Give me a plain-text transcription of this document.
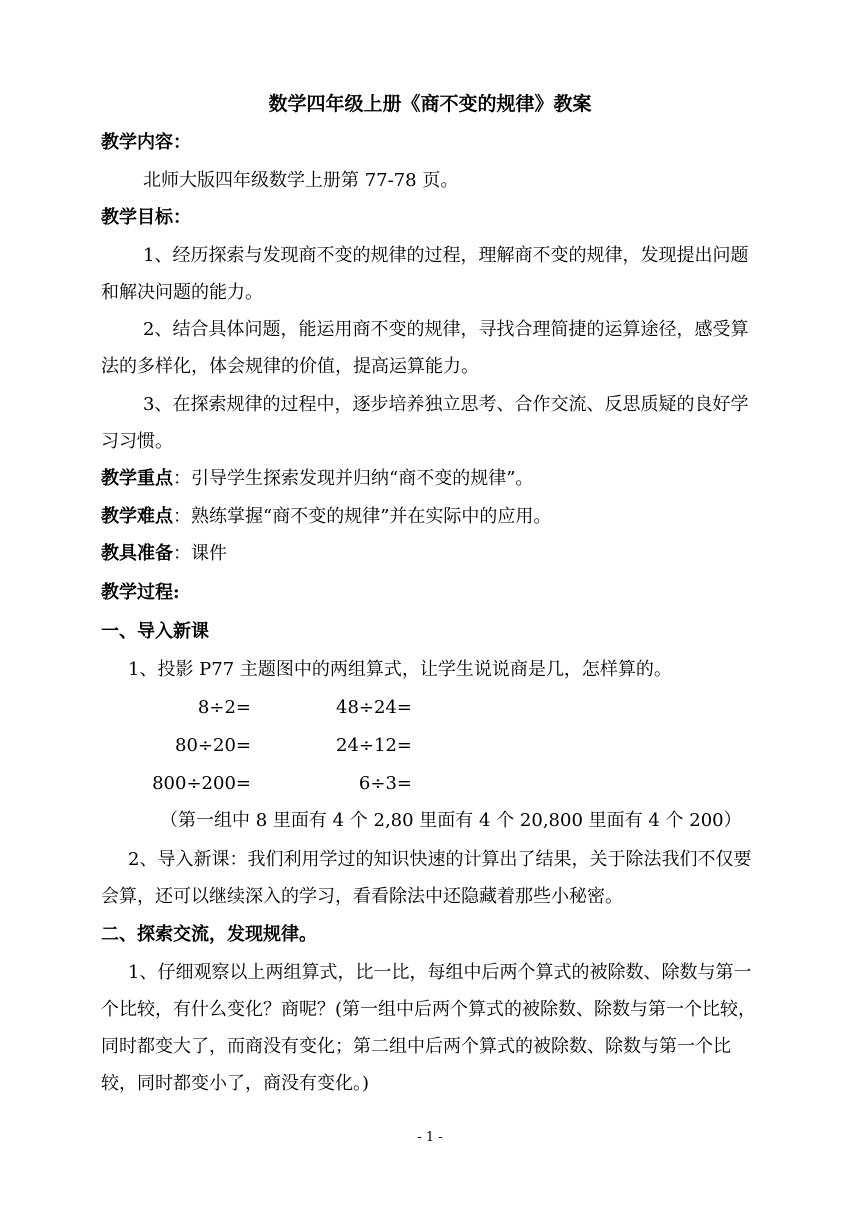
数学四年级上册《商不变的规律》教案
教学内容：
北师大版四年级数学上册第 77-78 页。
教学目标：
1、经历探索与发现商不变的规律的过程，理解商不变的规律，发现提出问题和解决问题的能力。
2、结合具体问题，能运用商不变的规律，寻找合理简捷的运算途径，感受算法的多样化，体会规律的价值，提高运算能力。
3、在探索规律的过程中，逐步培养独立思考、合作交流、反思质疑的良好学习习惯。
教学重点：引导学生探索发现并归纳“商不变的规律”。
教学难点：熟练掌握“商不变的规律”并在实际中的应用。
教具准备：课件
教学过程:
一、导入新课
1、投影 P77 主题图中的两组算式，让学生说说商是几，怎样算的。
8÷2=	48÷24=
80÷20=	24÷12=
800÷200=	6÷3=
（第一组中 8 里面有 4 个 2,80 里面有 4 个 20,800 里面有 4 个 200）
2、导入新课：我们利用学过的知识快速的计算出了结果，关于除法我们不仅要会算，还可以继续深入的学习，看看除法中还隐藏着那些小秘密。
二、探索交流，发现规律。
1、仔细观察以上两组算式，比一比，每组中后两个算式的被除数、除数与第一个比较，有什么变化？商呢？(第一组中后两个算式的被除数、除数与第一个比较，同时都变大了，而商没有变化；第二组中后两个算式的被除数、除数与第一个比较，同时都变小了，商没有变化。)
- 1 -
